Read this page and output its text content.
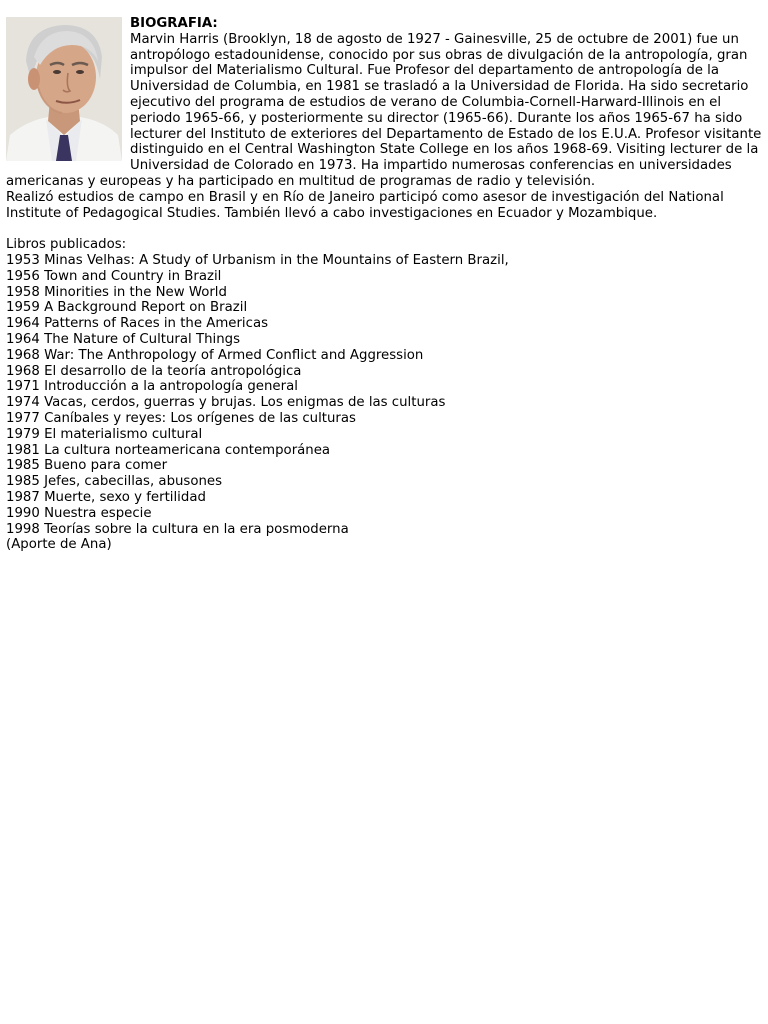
BIOGRAFIA:

Marvin Harris (Brooklyn, 18 de agosto de 1927 - Gainesville, 25 de octubre de 2001) fue un antropólogo estadounidense, conocido por sus obras de divulgación de la antropología, gran impulsor del Materialismo Cultural. Fue Profesor del departamento de antropología de la Universidad de Columbia, en 1981 se trasladó a la Universidad de Florida. Ha sido secretario ejecutivo del programa de estudios de verano de Columbia-Cornell-Harward-Illinois en el periodo 1965-66, y posteriormente su director (1965-66). Durante los años 1965-67 ha sido lecturer del Instituto de exteriores del Departamento de Estado de los E.U.A. Profesor visitante distinguido en el Central Washington State College en los años 1968-69. Visiting lecturer de la Universidad de Colorado en 1973. Ha impartido numerosas conferencias en universidades americanas y europeas y ha participado en multitud de programas de radio y televisión.

Realizó estudios de campo en Brasil y en Río de Janeiro participó como asesor de investigación del National Institute of Pedagogical Studies. También llevó a cabo investigaciones en Ecuador y Mozambique.

Libros publicados:
1953 Minas Velhas: A Study of Urbanism in the Mountains of Eastern Brazil,
1956 Town and Country in Brazil
1958 Minorities in the New World
1959 A Background Report on Brazil
1964 Patterns of Races in the Americas
1964 The Nature of Cultural Things
1968 War: The Anthropology of Armed Conflict and Aggression
1968 El desarrollo de la teoría antropológica
1971 Introducción a la antropología general
1974 Vacas, cerdos, guerras y brujas. Los enigmas de las culturas
1977 Caníbales y reyes: Los orígenes de las culturas
1979 El materialismo cultural
1981 La cultura norteamericana contemporánea
1985 Bueno para comer
1985 Jefes, cabecillas, abusones
1987 Muerte, sexo y fertilidad
1990 Nuestra especie
1998 Teorías sobre la cultura en la era posmoderna
(Aporte de Ana)
